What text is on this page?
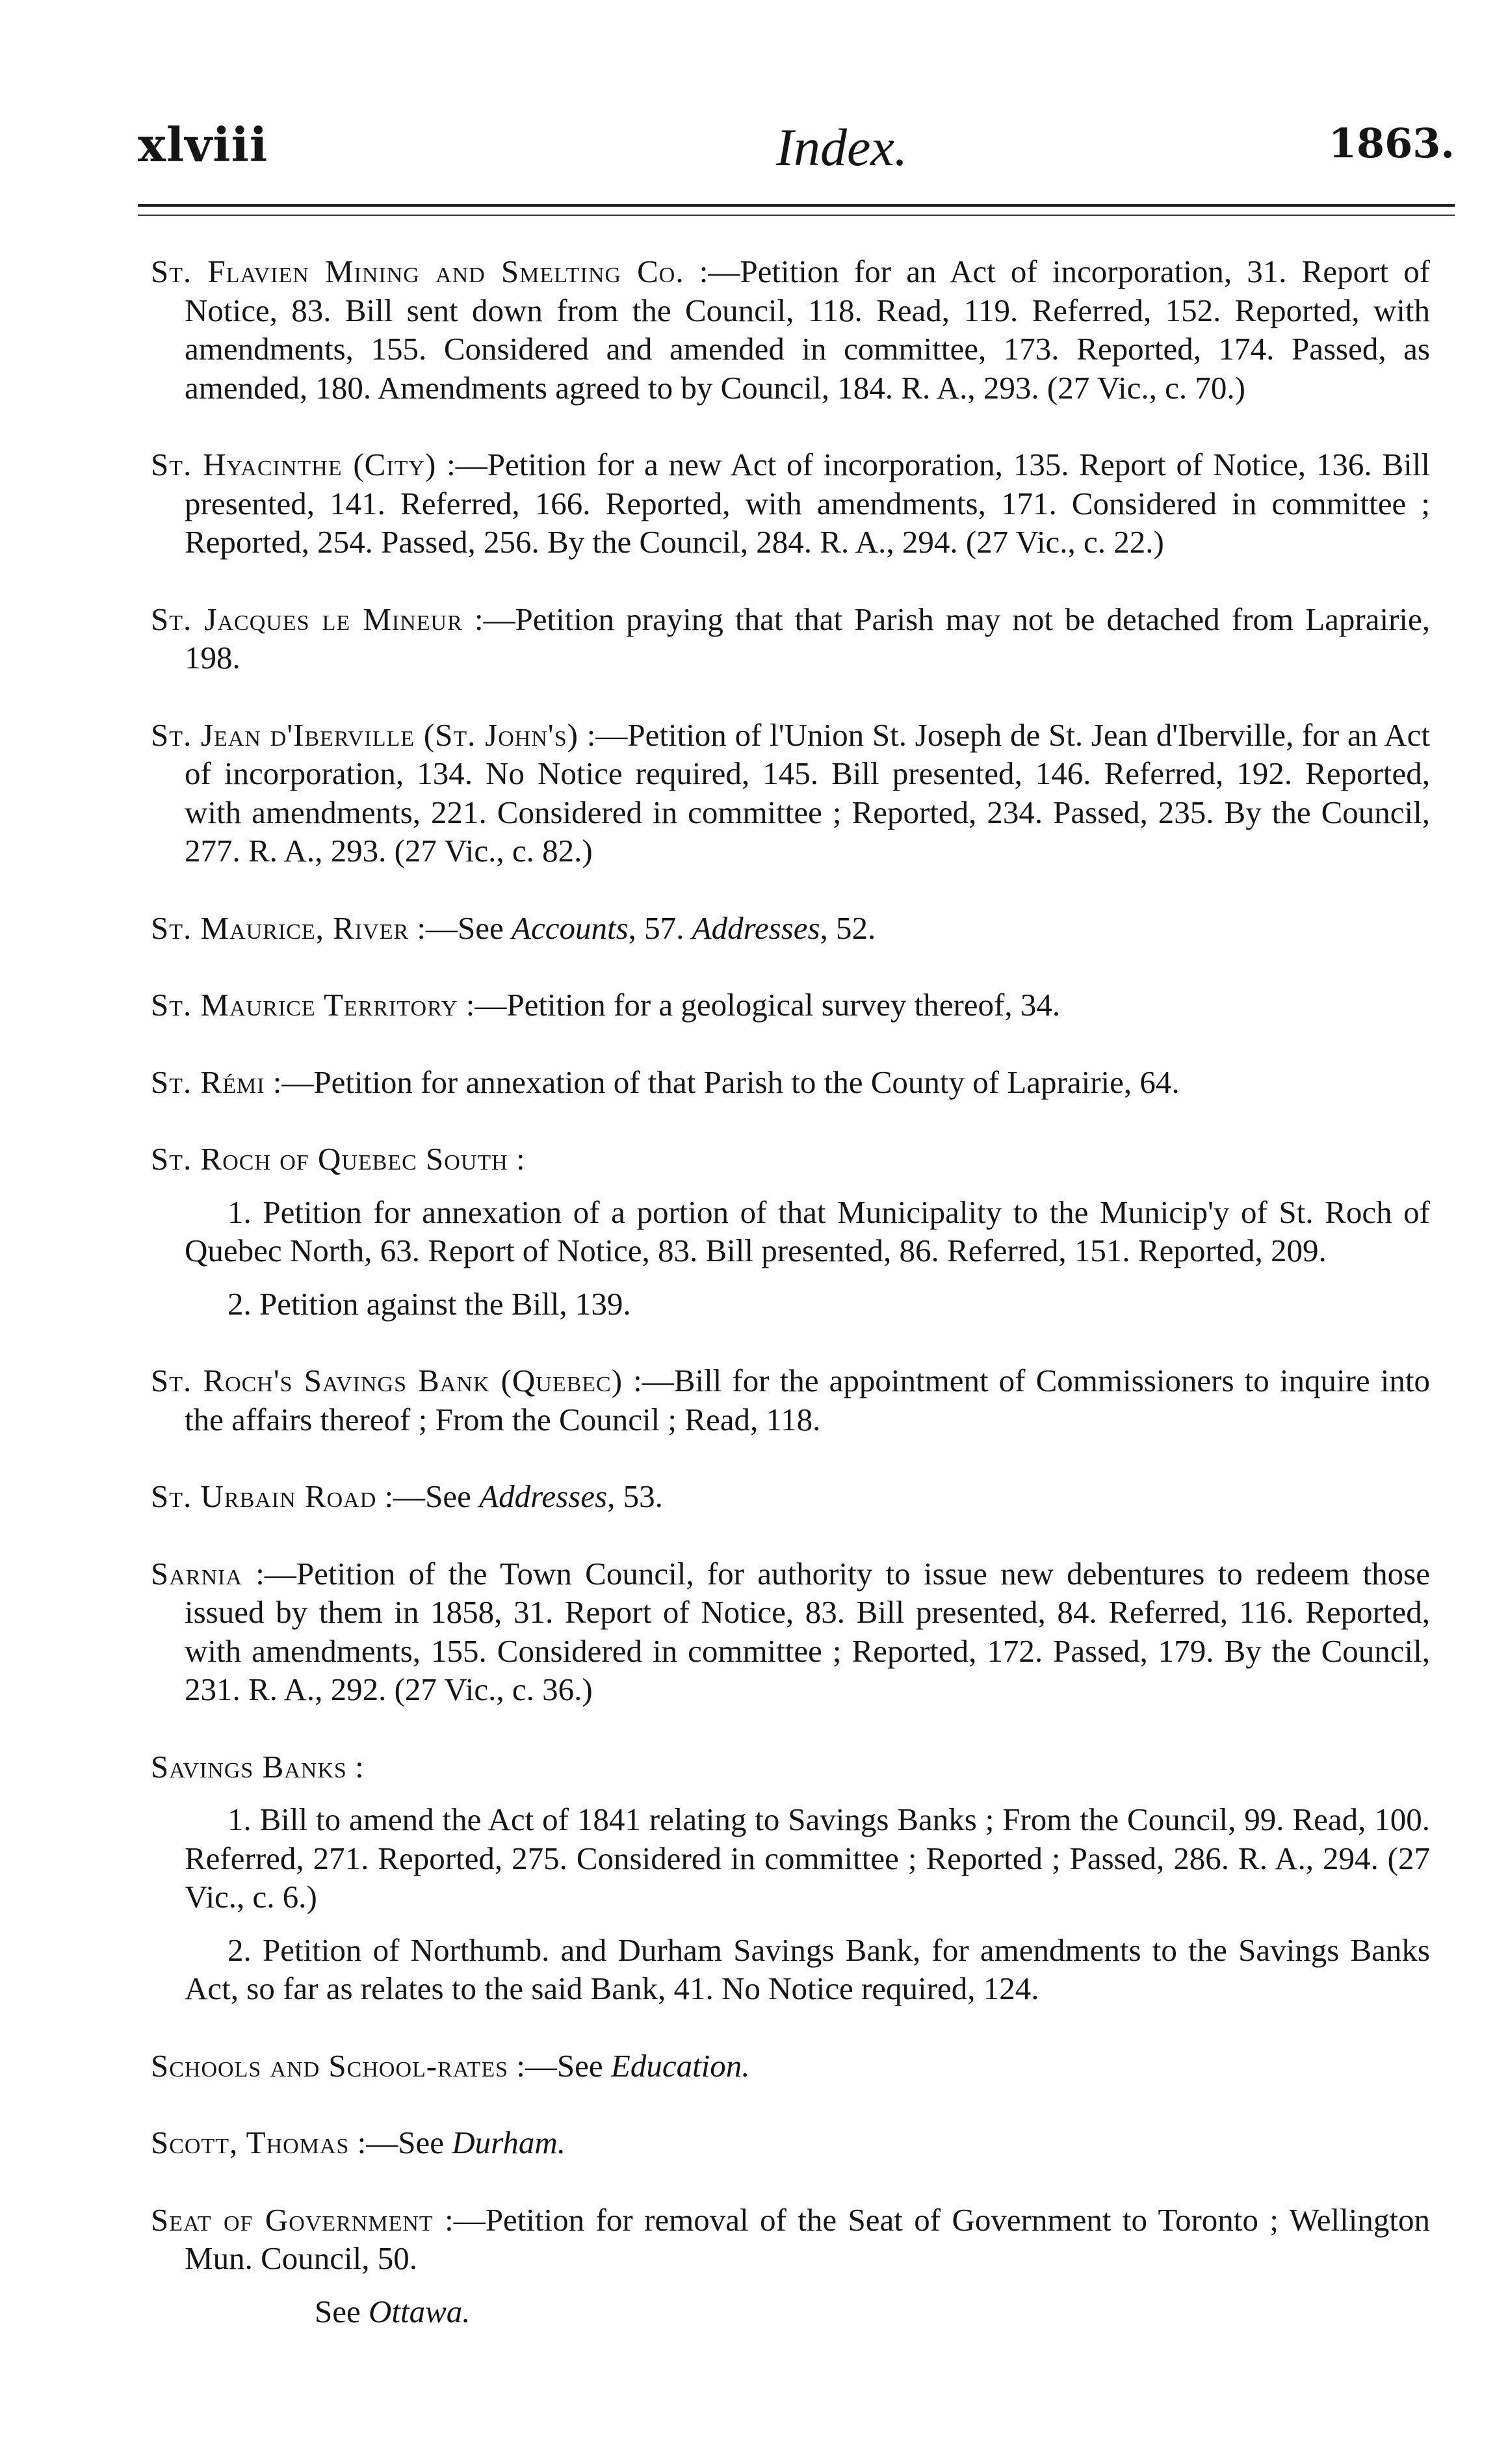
xlviii	Index.	1863.

St. Flavien Mining and Smelting Co. :—Petition for an Act of incorporation, 31. Report of Notice, 83. Bill sent down from the Council, 118. Read, 119. Referred, 152. Reported, with amendments, 155. Considered and amended in committee, 173. Reported, 174. Passed, as amended, 180. Amendments agreed to by Council, 184. R. A., 293. (27 Vic., c. 70.)

St. Hyacinthe (City) :—Petition for a new Act of incorporation, 135. Report of Notice, 136. Bill presented, 141. Referred, 166. Reported, with amendments, 171. Considered in committee ; Reported, 254. Passed, 256. By the Council, 284. R. A., 294. (27 Vic., c. 22.)

St. Jacques le Mineur :—Petition praying that that Parish may not be detached from Laprairie, 198.

St. Jean d'Iberville (St. John's) :—Petition of l'Union St. Joseph de St. Jean d'Iberville, for an Act of incorporation, 134. No Notice required, 145. Bill presented, 146. Referred, 192. Reported, with amendments, 221. Considered in committee ; Reported, 234. Passed, 235. By the Council, 277. R. A., 293. (27 Vic., c. 82.)

St. Maurice, River :—See Accounts, 57. Addresses, 52.

St. Maurice Territory :—Petition for a geological survey thereof, 34.

St. Rémi :—Petition for annexation of that Parish to the County of Laprairie, 64.

St. Roch of Quebec South :

1. Petition for annexation of a portion of that Municipality to the Municip'y of St. Roch of Quebec North, 63. Report of Notice, 83. Bill presented, 86. Referred, 151. Reported, 209.

2. Petition against the Bill, 139.

St. Roch's Savings Bank (Quebec) :—Bill for the appointment of Commissioners to inquire into the affairs thereof ; From the Council ; Read, 118.

St. Urbain Road :—See Addresses, 53.

Sarnia :—Petition of the Town Council, for authority to issue new debentures to redeem those issued by them in 1858, 31. Report of Notice, 83. Bill presented, 84. Referred, 116. Reported, with amendments, 155. Considered in committee ; Reported, 172. Passed, 179. By the Council, 231. R. A., 292. (27 Vic., c. 36.)

Savings Banks :

1. Bill to amend the Act of 1841 relating to Savings Banks ; From the Council, 99. Read, 100. Referred, 271. Reported, 275. Considered in committee ; Reported ; Passed, 286. R. A., 294. (27 Vic., c. 6.)

2. Petition of Northumb. and Durham Savings Bank, for amendments to the Savings Banks Act, so far as relates to the said Bank, 41. No Notice required, 124.

Schools and School-rates :—See Education.

Scott, Thomas :—See Durham.

Seat of Government :—Petition for removal of the Seat of Government to Toronto ; Wellington Mun. Council, 50.

See Ottawa.
